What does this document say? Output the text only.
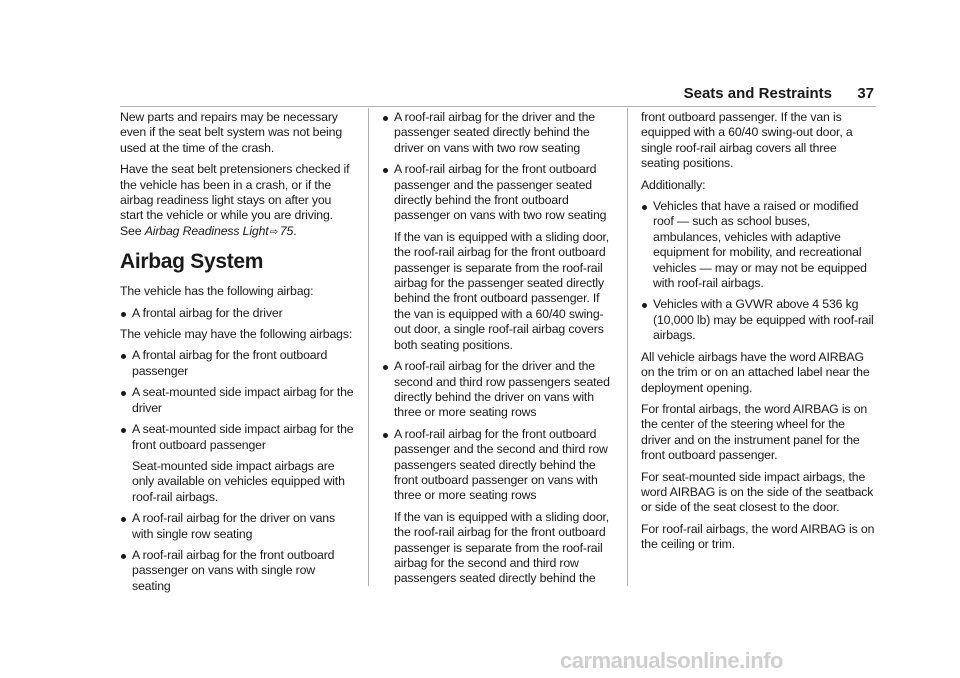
Seats and Restraints 37

New parts and repairs may be necessary even if the seat belt system was not being used at the time of the crash.

Have the seat belt pretensioners checked if the vehicle has been in a crash, or if the airbag readiness light stays on after you start the vehicle or while you are driving. See Airbag Readiness Light⇨ 75.

Airbag System

The vehicle has the following airbag:

A frontal airbag for the driver

The vehicle may have the following airbags:

A frontal airbag for the front outboard passenger
A seat-mounted side impact airbag for the driver
A seat-mounted side impact airbag for the front outboard passenger

Seat-mounted side impact airbags are only available on vehicles equipped with roof-rail airbags.

A roof-rail airbag for the driver on vans with single row seating
A roof-rail airbag for the front outboard passenger on vans with single row seating
A roof-rail airbag for the driver and the passenger seated directly behind the driver on vans with two row seating
A roof-rail airbag for the front outboard passenger and the passenger seated directly behind the front outboard passenger on vans with two row seating

If the van is equipped with a sliding door, the roof-rail airbag for the front outboard passenger is separate from the roof-rail airbag for the passenger seated directly behind the front outboard passenger. If the van is equipped with a 60/40 swing-out door, a single roof-rail airbag covers both seating positions.

A roof-rail airbag for the driver and the second and third row passengers seated directly behind the driver on vans with three or more seating rows
A roof-rail airbag for the front outboard passenger and the second and third row passengers seated directly behind the front outboard passenger on vans with three or more seating rows

If the van is equipped with a sliding door, the roof-rail airbag for the front outboard passenger is separate from the roof-rail airbag for the second and third row passengers seated directly behind the

front outboard passenger. If the van is equipped with a 60/40 swing-out door, a single roof-rail airbag covers all three seating positions.

Additionally:

Vehicles that have a raised or modified roof — such as school buses, ambulances, vehicles with adaptive equipment for mobility, and recreational vehicles — may or may not be equipped with roof-rail airbags.
Vehicles with a GVWR above 4 536 kg (10,000 lb) may be equipped with roof-rail airbags.

All vehicle airbags have the word AIRBAG on the trim or on an attached label near the deployment opening.

For frontal airbags, the word AIRBAG is on the center of the steering wheel for the driver and on the instrument panel for the front outboard passenger.

For seat-mounted side impact airbags, the word AIRBAG is on the side of the seatback or side of the seat closest to the door.

For roof-rail airbags, the word AIRBAG is on the ceiling or trim.

carmanualsonline.info
